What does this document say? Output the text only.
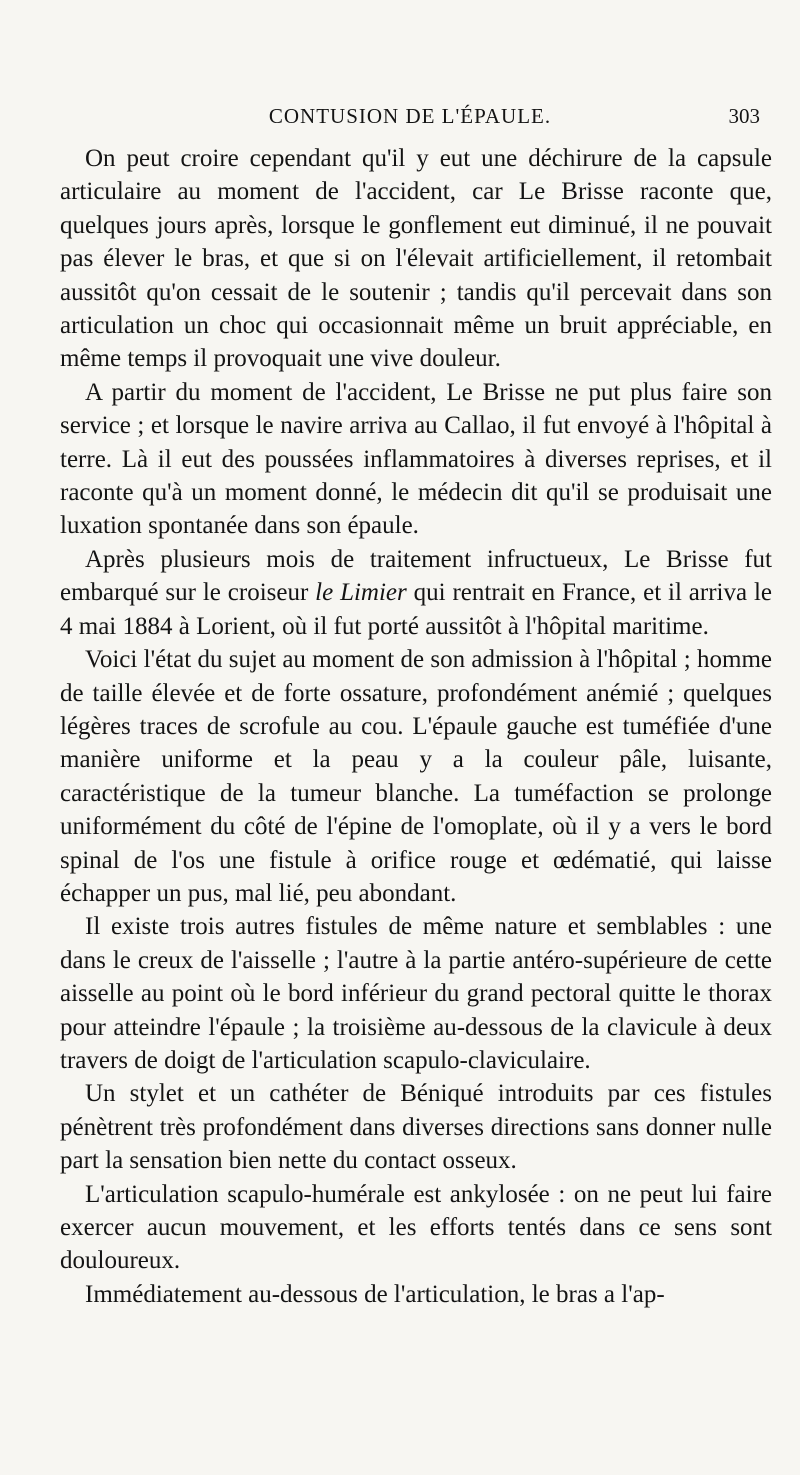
CONTUSION DE L'ÉPAULE.	303

On peut croire cependant qu'il y eut une déchirure de la capsule articulaire au moment de l'accident, car Le Brisse raconte que, quelques jours après, lorsque le gonflement eut diminué, il ne pouvait pas élever le bras, et que si on l'élevait artificiellement, il retombait aussitôt qu'on cessait de le soutenir ; tandis qu'il percevait dans son articulation un choc qui occasionnait même un bruit appréciable, en même temps il provoquait une vive douleur.

A partir du moment de l'accident, Le Brisse ne put plus faire son service ; et lorsque le navire arriva au Callao, il fut envoyé à l'hôpital à terre. Là il eut des poussées inflammatoires à diverses reprises, et il raconte qu'à un moment donné, le médecin dit qu'il se produisait une luxation spontanée dans son épaule.

Après plusieurs mois de traitement infructueux, Le Brisse fut embarqué sur le croiseur le Limier qui rentrait en France, et il arriva le 4 mai 1884 à Lorient, où il fut porté aussitôt à l'hôpital maritime.

Voici l'état du sujet au moment de son admission à l'hôpital ; homme de taille élevée et de forte ossature, profondément anémié ; quelques légères traces de scrofule au cou. L'épaule gauche est tuméfiée d'une manière uniforme et la peau y a la couleur pâle, luisante, caractéristique de la tumeur blanche. La tuméfaction se prolonge uniformément du côté de l'épine de l'omoplate, où il y a vers le bord spinal de l'os une fistule à orifice rouge et œdématié, qui laisse échapper un pus, mal lié, peu abondant.

Il existe trois autres fistules de même nature et semblables : une dans le creux de l'aisselle ; l'autre à la partie antéro-supérieure de cette aisselle au point où le bord inférieur du grand pectoral quitte le thorax pour atteindre l'épaule ; la troisième au-dessous de la clavicule à deux travers de doigt de l'articulation scapulo-claviculaire.

Un stylet et un cathéter de Béniqué introduits par ces fistules pénètrent très profondément dans diverses directions sans donner nulle part la sensation bien nette du contact osseux.

L'articulation scapulo-humérale est ankylosée : on ne peut lui faire exercer aucun mouvement, et les efforts tentés dans ce sens sont douloureux.

Immédiatement au-dessous de l'articulation, le bras a l'ap-
